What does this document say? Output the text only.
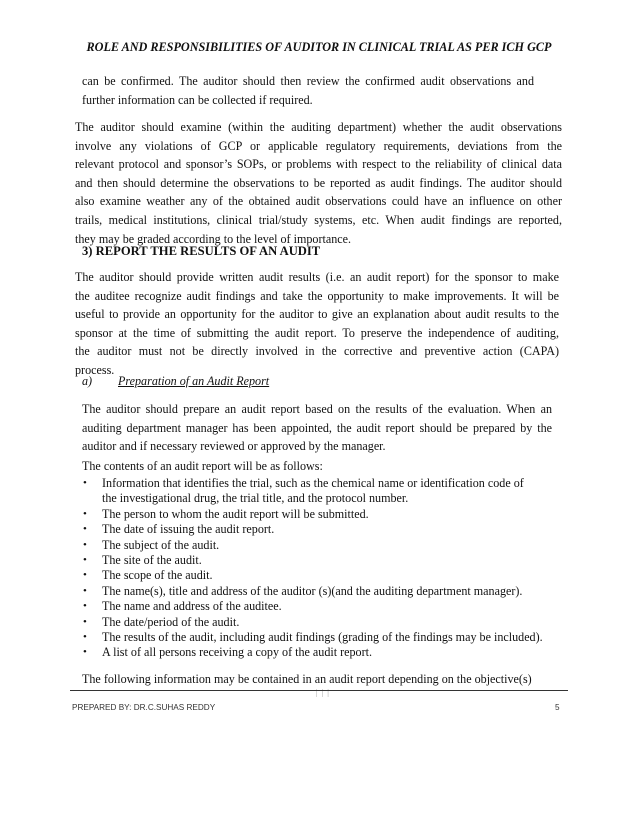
ROLE AND RESPONSIBILITIES OF AUDITOR IN CLINICAL TRIAL AS PER ICH GCP
can be confirmed. The auditor should then review the confirmed audit observations and
further information can be collected if required.
The auditor should examine (within the auditing department) whether the audit observations
involve any violations of GCP or applicable regulatory requirements, deviations from the
relevant protocol and sponsor’s SOPs, or problems with respect to the reliability of clinical data
and then should determine the observations to be reported as audit findings. The auditor should
also examine weather any of the obtained audit observations could have an influence on other
trails, medical institutions, clinical trial/study systems, etc. When audit findings are reported,
they may be graded according to the level of importance.
3) REPORT THE RESULTS OF AN AUDIT
The auditor should provide written audit results (i.e. an audit report) for the sponsor to make
the auditee recognize audit findings and take the opportunity to make improvements. It will be
useful to provide an opportunity for the auditor to give an explanation about audit results to the
sponsor at the time of submitting the audit report. To preserve the independence of auditing,
the auditor must not be directly involved in the corrective and preventive action (CAPA)
process.
a) Preparation of an Audit Report
The auditor should prepare an audit report based on the results of the evaluation. When an
auditing department manager has been appointed, the audit report should be prepared by the
auditor and if necessary reviewed or approved by the manager.
The contents of an audit report will be as follows:
• Information that identifies the trial, such as the chemical name or identification code of
the investigational drug, the trial title, and the protocol number.
• The person to whom the audit report will be submitted.
• The date of issuing the audit report.
• The subject of the audit.
• The site of the audit.
• The scope of the audit.
• The name(s), title and address of the auditor (s)(and the auditing department manager).
• The name and address of the auditee.
• The date/period of the audit.
• The results of the audit, including audit findings (grading of the findings may be included).
• A list of all persons receiving a copy of the audit report.
The following information may be contained in an audit report depending on the objective(s)
| | |
PREPARED BY: DR.C.SUHAS REDDY	5
